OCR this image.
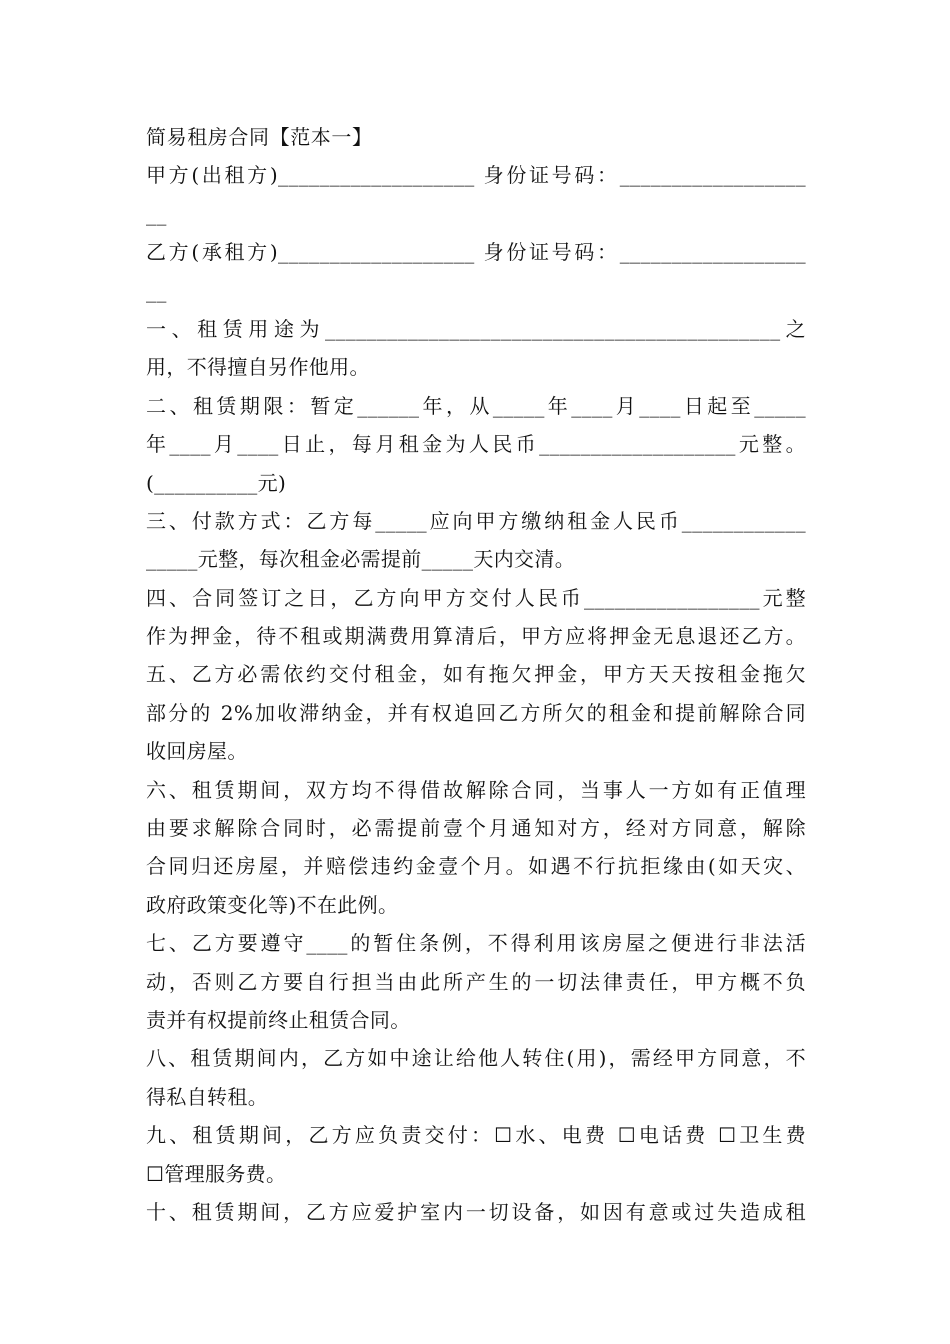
简易租房合同【范本一】
甲方(出租方)___________________ 身份证号码：__________________
__
乙方(承租方)___________________ 身份证号码：__________________
__
一、租赁用途为____________________________________________之
用，不得擅自另作他用。
二、租赁期限：暂定______年，从_____年____月____日起至_____
年____月____日止，每月租金为人民币___________________元整。
(__________元)
三、付款方式：乙方每_____应向甲方缴纳租金人民币____________
_____元整，每次租金必需提前_____天内交清。
四、合同签订之日，乙方向甲方交付人民币_________________元整
作为押金，待不租或期满费用算清后，甲方应将押金无息退还乙方。
五、乙方必需依约交付租金，如有拖欠押金，甲方天天按租金拖欠
部分的 2%加收滞纳金，并有权追回乙方所欠的租金和提前解除合同
收回房屋。
六、租赁期间，双方均不得借故解除合同，当事人一方如有正值理
由要求解除合同时，必需提前壹个月通知对方，经对方同意，解除
合同归还房屋，并赔偿违约金壹个月。如遇不行抗拒缘由(如天灾、
政府政策变化等)不在此例。
七、乙方要遵守____的暂住条例，不得利用该房屋之便进行非法活
动，否则乙方要自行担当由此所产生的一切法律责任，甲方概不负
责并有权提前终止租赁合同。
八、租赁期间内，乙方如中途让给他人转住(用)，需经甲方同意，不
得私自转租。
九、租赁期间，乙方应负责交付：☐水、电费 ☐电话费 ☐卫生费
☐管理服务费。
十、租赁期间，乙方应爱护室内一切设备，如因有意或过失造成租
